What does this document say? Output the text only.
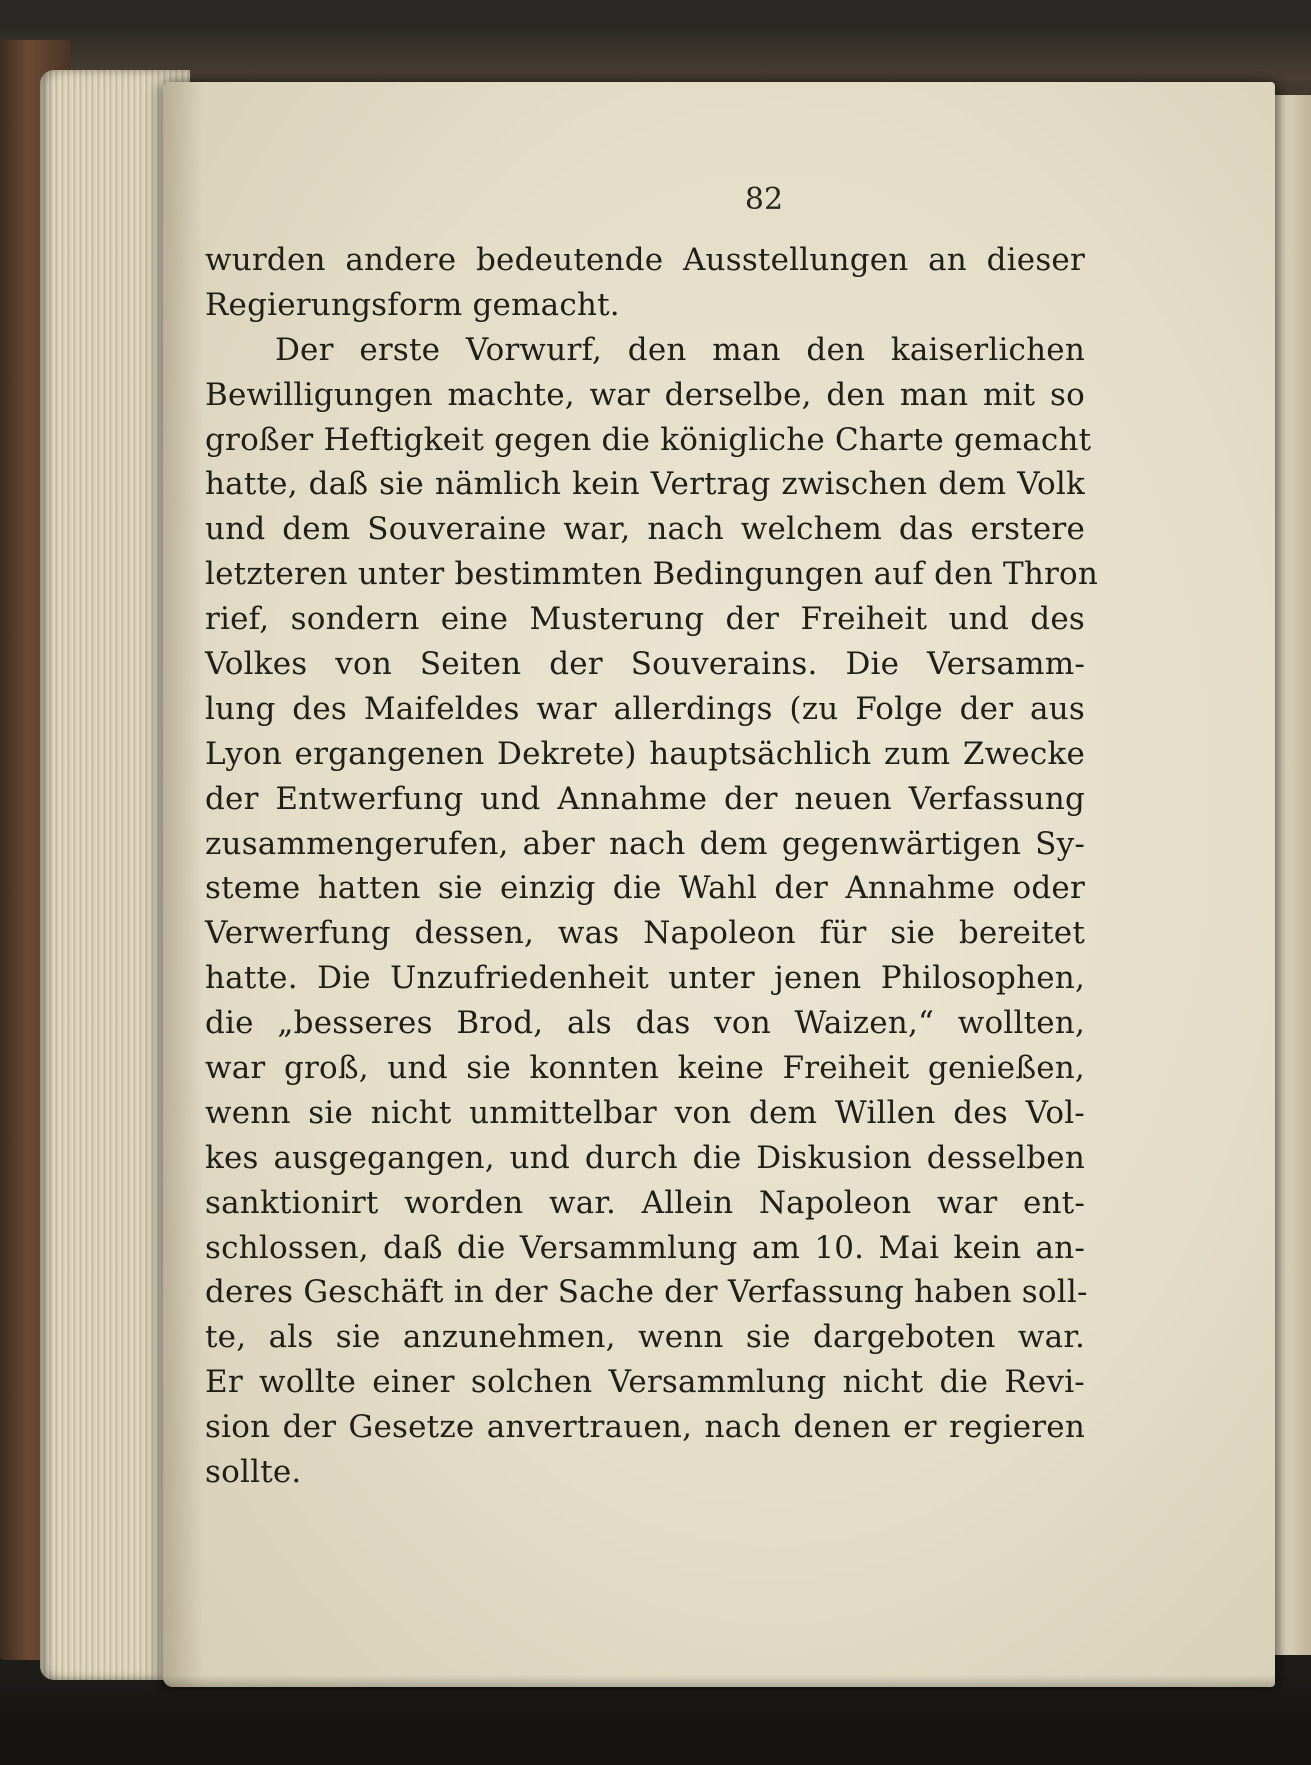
82
wurden andere bedeutende Ausstellungen an dieser
Regierungsform gemacht.
Der erste Vorwurf, den man den kaiserlichen
Bewilligungen machte, war derselbe, den man mit so
großer Heftigkeit gegen die königliche Charte gemacht
hatte, daß sie nämlich kein Vertrag zwischen dem Volk
und dem Souveraine war, nach welchem das erstere
letzteren unter bestimmten Bedingungen auf den Thron
rief, sondern eine Musterung der Freiheit und des
Volkes von Seiten der Souverains. Die Versamm-
lung des Maifeldes war allerdings (zu Folge der aus
Lyon ergangenen Dekrete) hauptsächlich zum Zwecke
der Entwerfung und Annahme der neuen Verfassung
zusammengerufen, aber nach dem gegenwärtigen Sy-
steme hatten sie einzig die Wahl der Annahme oder
Verwerfung dessen, was Napoleon für sie bereitet
hatte. Die Unzufriedenheit unter jenen Philosophen,
die „besseres Brod, als das von Waizen,“ wollten,
war groß, und sie konnten keine Freiheit genießen,
wenn sie nicht unmittelbar von dem Willen des Vol-
kes ausgegangen, und durch die Diskusion desselben
sanktionirt worden war. Allein Napoleon war ent-
schlossen, daß die Versammlung am 10. Mai kein an-
deres Geschäft in der Sache der Verfassung haben soll-
te, als sie anzunehmen, wenn sie dargeboten war.
Er wollte einer solchen Versammlung nicht die Revi-
sion der Gesetze anvertrauen, nach denen er regieren
sollte.
